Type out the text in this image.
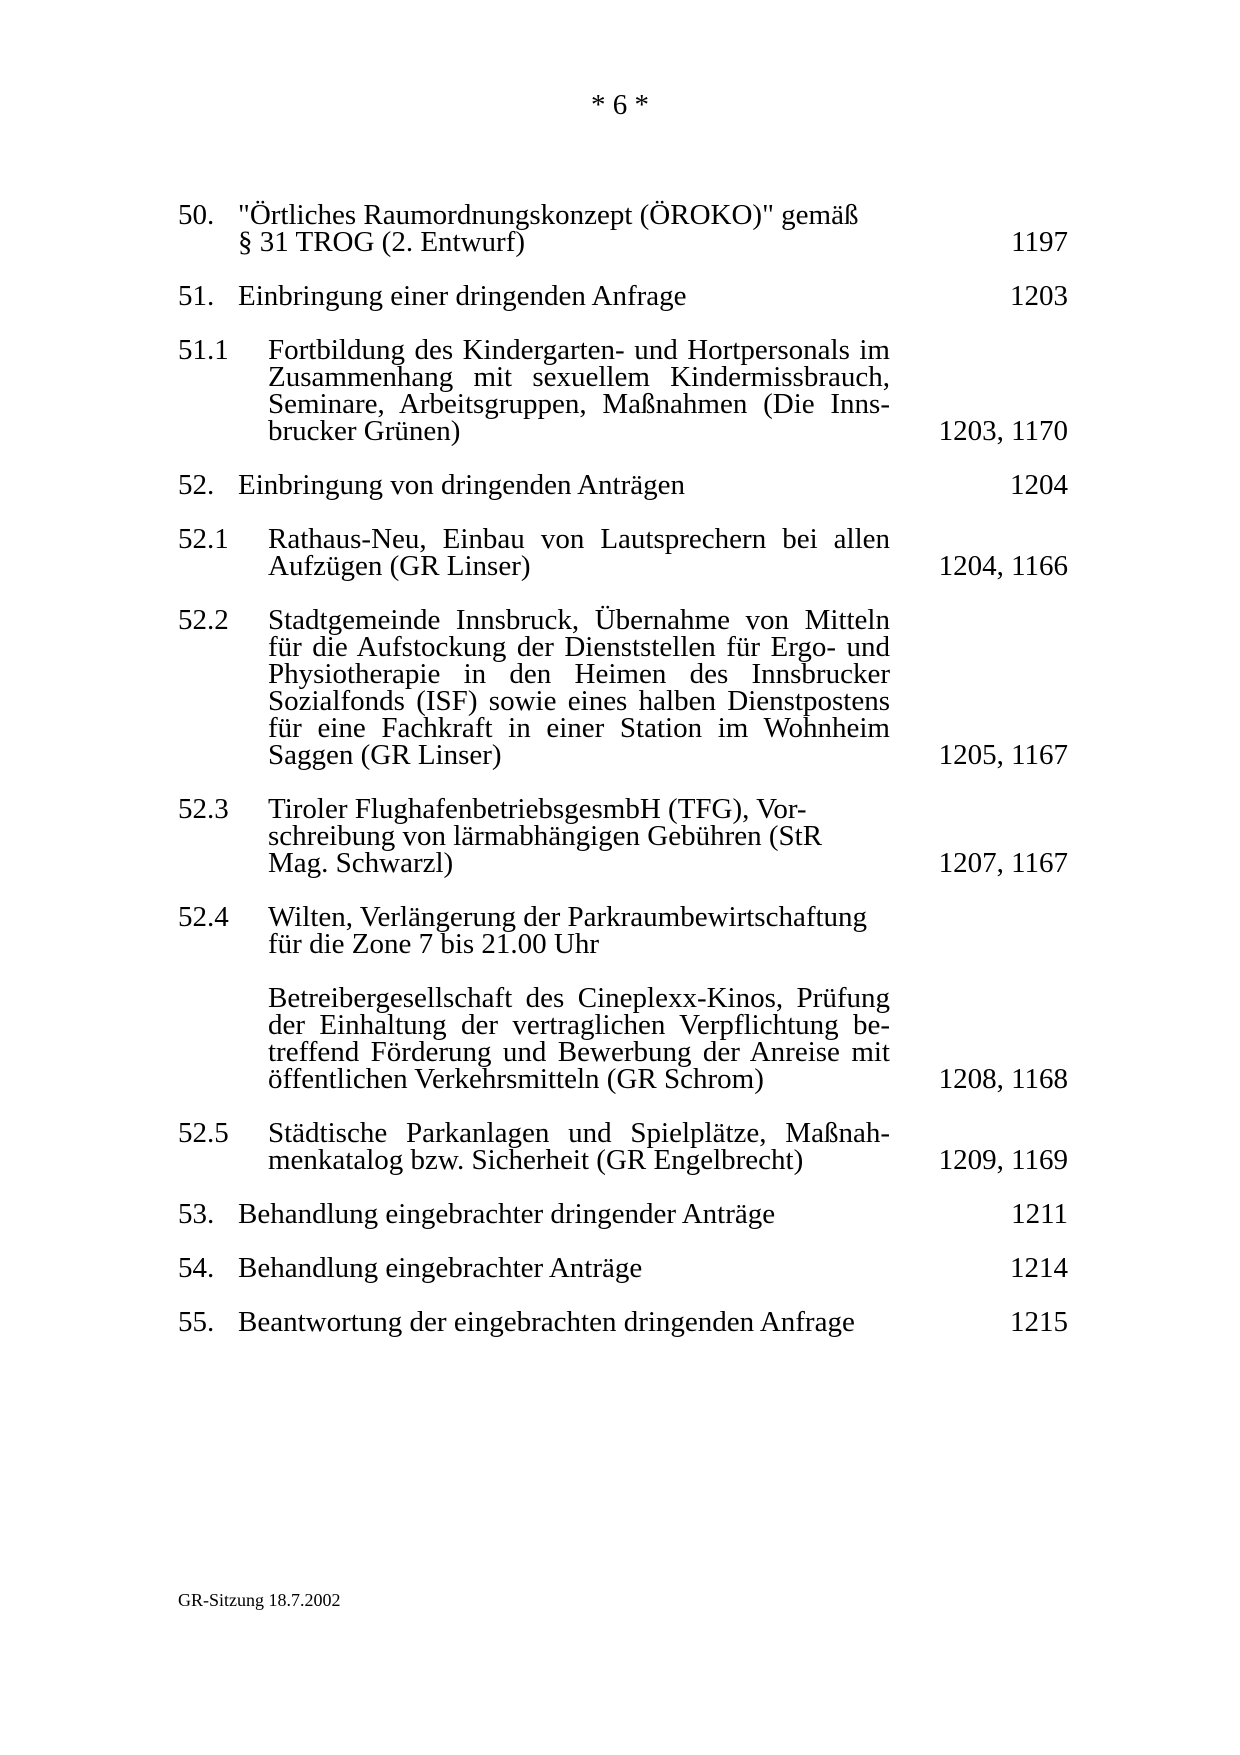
* 6 *
50. "Örtliches Raumordnungskonzept (ÖROKO)" gemäß
§ 31 TROG (2. Entwurf)	1197
51. Einbringung einer dringenden Anfrage	1203
51.1	Fortbildung des Kindergarten- und Hortpersonals im
Zusammenhang mit sexuellem Kindermissbrauch,
Seminare, Arbeitsgruppen, Maßnahmen (Die Inns-
brucker Grünen)	1203, 1170
52. Einbringung von dringenden Anträgen	1204
52.1	Rathaus-Neu, Einbau von Lautsprechern bei allen
Aufzügen (GR Linser)	1204, 1166
52.2	Stadtgemeinde Innsbruck, Übernahme von Mitteln
für die Aufstockung der Dienststellen für Ergo- und
Physiotherapie in den Heimen des Innsbrucker
Sozialfonds (ISF) sowie eines halben Dienstpostens
für eine Fachkraft in einer Station im Wohnheim
Saggen (GR Linser)	1205, 1167
52.3	Tiroler FlughafenbetriebsgesmbH (TFG), Vor-
schreibung von lärmabhängigen Gebühren (StR
Mag. Schwarzl)	1207, 1167
52.4	Wilten, Verlängerung der Parkraumbewirtschaftung
für die Zone 7 bis 21.00 Uhr
Betreibergesellschaft des Cineplexx-Kinos, Prüfung
der Einhaltung der vertraglichen Verpflichtung be-
treffend Förderung und Bewerbung der Anreise mit
öffentlichen Verkehrsmitteln (GR Schrom)	1208, 1168
52.5	Städtische Parkanlagen und Spielplätze, Maßnah-
menkatalog bzw. Sicherheit (GR Engelbrecht)	1209, 1169
53. Behandlung eingebrachter dringender Anträge	1211
54. Behandlung eingebrachter Anträge	1214
55. Beantwortung der eingebrachten dringenden Anfrage	1215
GR-Sitzung 18.7.2002
